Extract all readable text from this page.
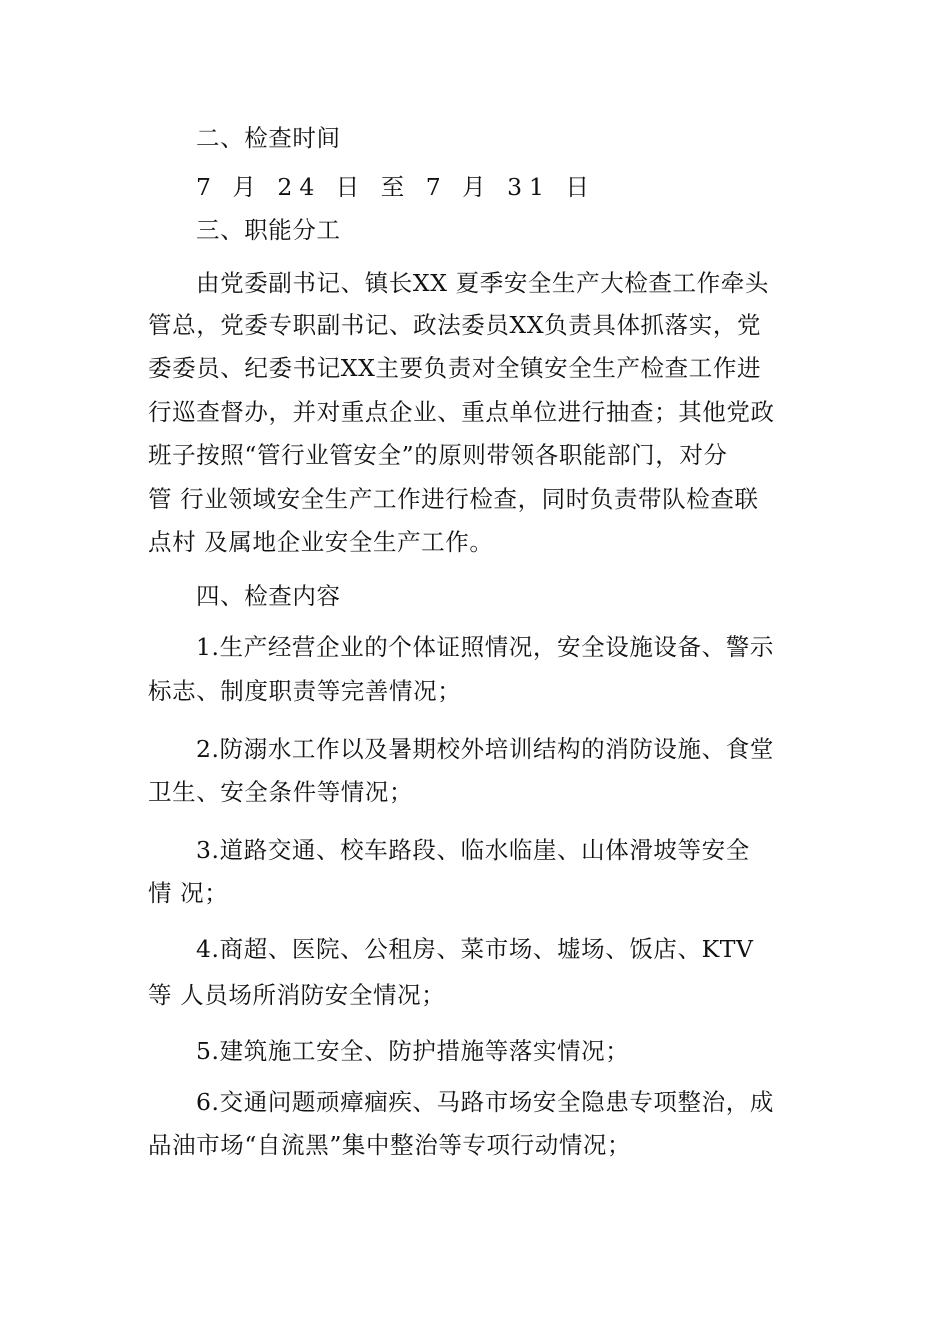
二、检查时间
7 月 24 日 至 7 月 31 日
三、职能分工
由党委副书记、镇长XX 夏季安全生产大检查工作牵头
管总，党委专职副书记、政法委员XX负责具体抓落实，党
委委员、纪委书记XX主要负责对全镇安全生产检查工作进
行巡查督办，并对重点企业、重点单位进行抽查；其他党政
班子按照“管行业管安全”的原则带领各职能部门，对分
管 行业领域安全生产工作进行检查，同时负责带队检查联
点村 及属地企业安全生产工作。
四、检查内容
1.生产经营企业的个体证照情况，安全设施设备、警示
标志、制度职责等完善情况；
2.防溺水工作以及暑期校外培训结构的消防设施、食堂
卫生、安全条件等情况；
3.道路交通、校车路段、临水临崖、山体滑坡等安全
情 况；
4.商超、医院、公租房、菜市场、墟场、饭店、KTV
等 人员场所消防安全情况；
5.建筑施工安全、防护措施等落实情况；
6.交通问题顽瘴痼疾、马路市场安全隐患专项整治，成
品油市场“自流黑”集中整治等专项行动情况；
